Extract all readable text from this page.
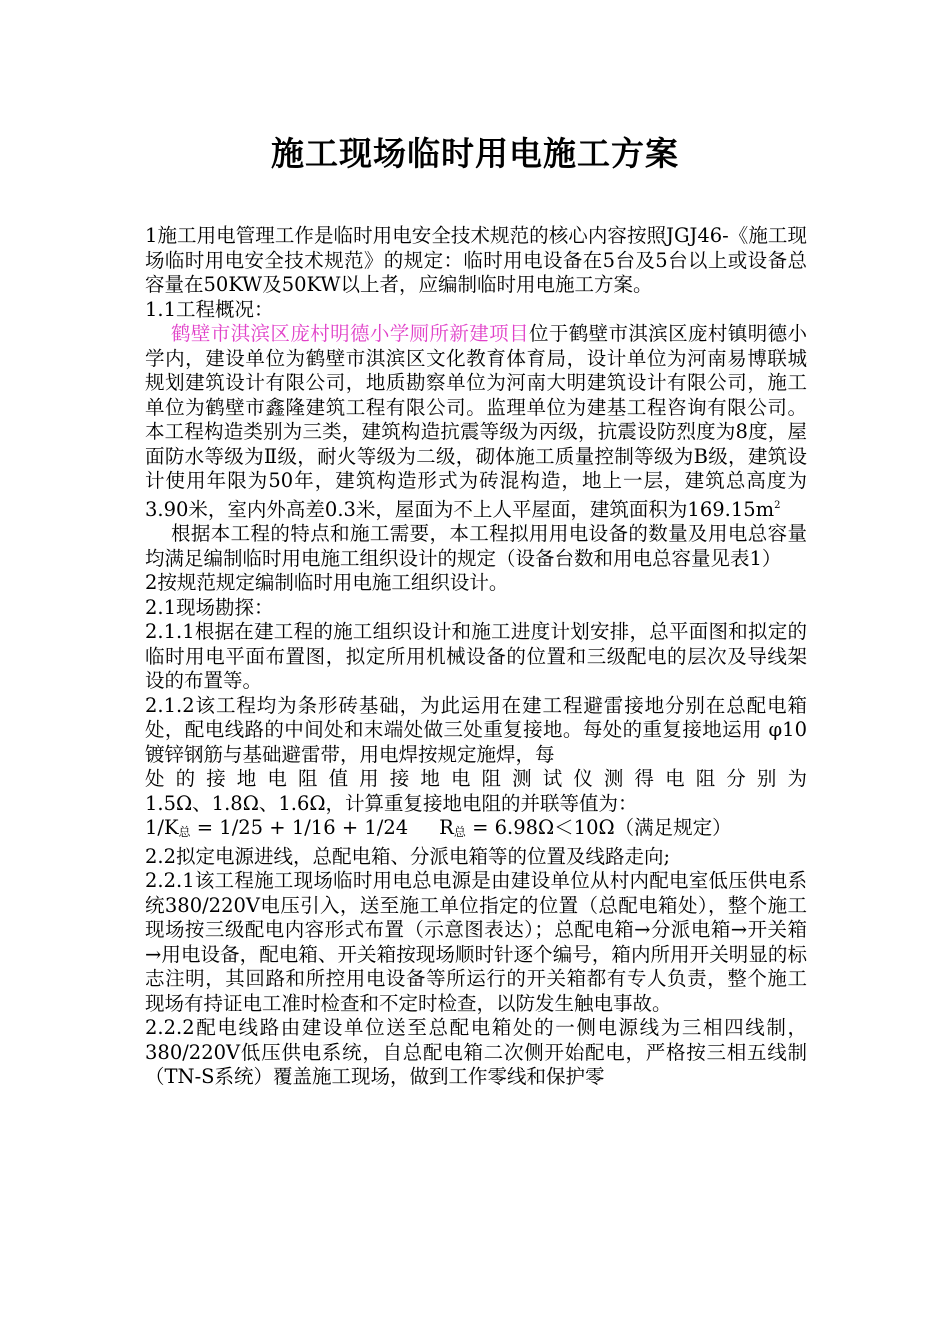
施工现场临时用电施工方案

1施工用电管理工作是临时用电安全技术规范的核心内容按照JGJ46-《施工现场临时用电安全技术规范》的规定：临时用电设备在5台及5台以上或设备总容量在50KW及50KW以上者，应编制临时用电施工方案。

1.1工程概况：

鹤壁市淇滨区庞村明德小学厕所新建项目位于鹤壁市淇滨区庞村镇明德小学内，建设单位为鹤壁市淇滨区文化教育体育局，设计单位为河南易博联城规划建筑设计有限公司，地质勘察单位为河南大明建筑设计有限公司，施工单位为鹤壁市鑫隆建筑工程有限公司。监理单位为建基工程咨询有限公司。本工程构造类别为三类，建筑构造抗震等级为丙级，抗震设防烈度为8度，屋面防水等级为Ⅱ级，耐火等级为二级，砌体施工质量控制等级为B级，建筑设计使用年限为50年，建筑构造形式为砖混构造，地上一层，建筑总高度为3.90米，室内外高差0.3米，屋面为不上人平屋面，建筑面积为$169.15m^2$

根据本工程的特点和施工需要，本工程拟用用电设备的数量及用电总容量均满足编制临时用电施工组织设计的规定（设备台数和用电总容量见表1）

2按规范规定编制临时用电施工组织设计。

2.1现场勘探：

2.1.1根据在建工程的施工组织设计和施工进度计划安排，总平面图和拟定的临时用电平面布置图，拟定所用机械设备的位置和三级配电的层次及导线架设的布置等。

2.1.2该工程均为条形砖基础，为此运用在建工程避雷接地分别在总配电箱处，配电线路的中间处和末端处做三处重复接地。每处的重复接地运用 φ10镀锌钢筋与基础避雷带，用电焊按规定施焊，每

处的接地电阻值用接地电阻测试仪测得电阻分别为

1.5Ω、1.8Ω、1.6Ω，计算重复接地电阻的并联等值为：

1/K总 = 1/25 + 1/16 + 1/24 R总 = 6.98Ω＜10Ω（满足规定）

2.2拟定电源进线，总配电箱、分派电箱等的位置及线路走向;

2.2.1该工程施工现场临时用电总电源是由建设单位从村内配电室低压供电系统380/220V电压引入，送至施工单位指定的位置（总配电箱处），整个施工现场按三级配电内容形式布置（示意图表达）；总配电箱→分派电箱→开关箱→用电设备，配电箱、开关箱按现场顺时针逐个编号，箱内所用开关明显的标志注明，其回路和所控用电设备等所运行的开关箱都有专人负责，整个施工现场有持证电工准时检查和不定时检查，以防发生触电事故。

2.2.2配电线路由建设单位送至总配电箱处的一侧电源线为三相四线制，380/220V低压供电系统，自总配电箱二次侧开始配电，严格按三相五线制（TN-S系统）覆盖施工现场，做到工作零线和保护零
